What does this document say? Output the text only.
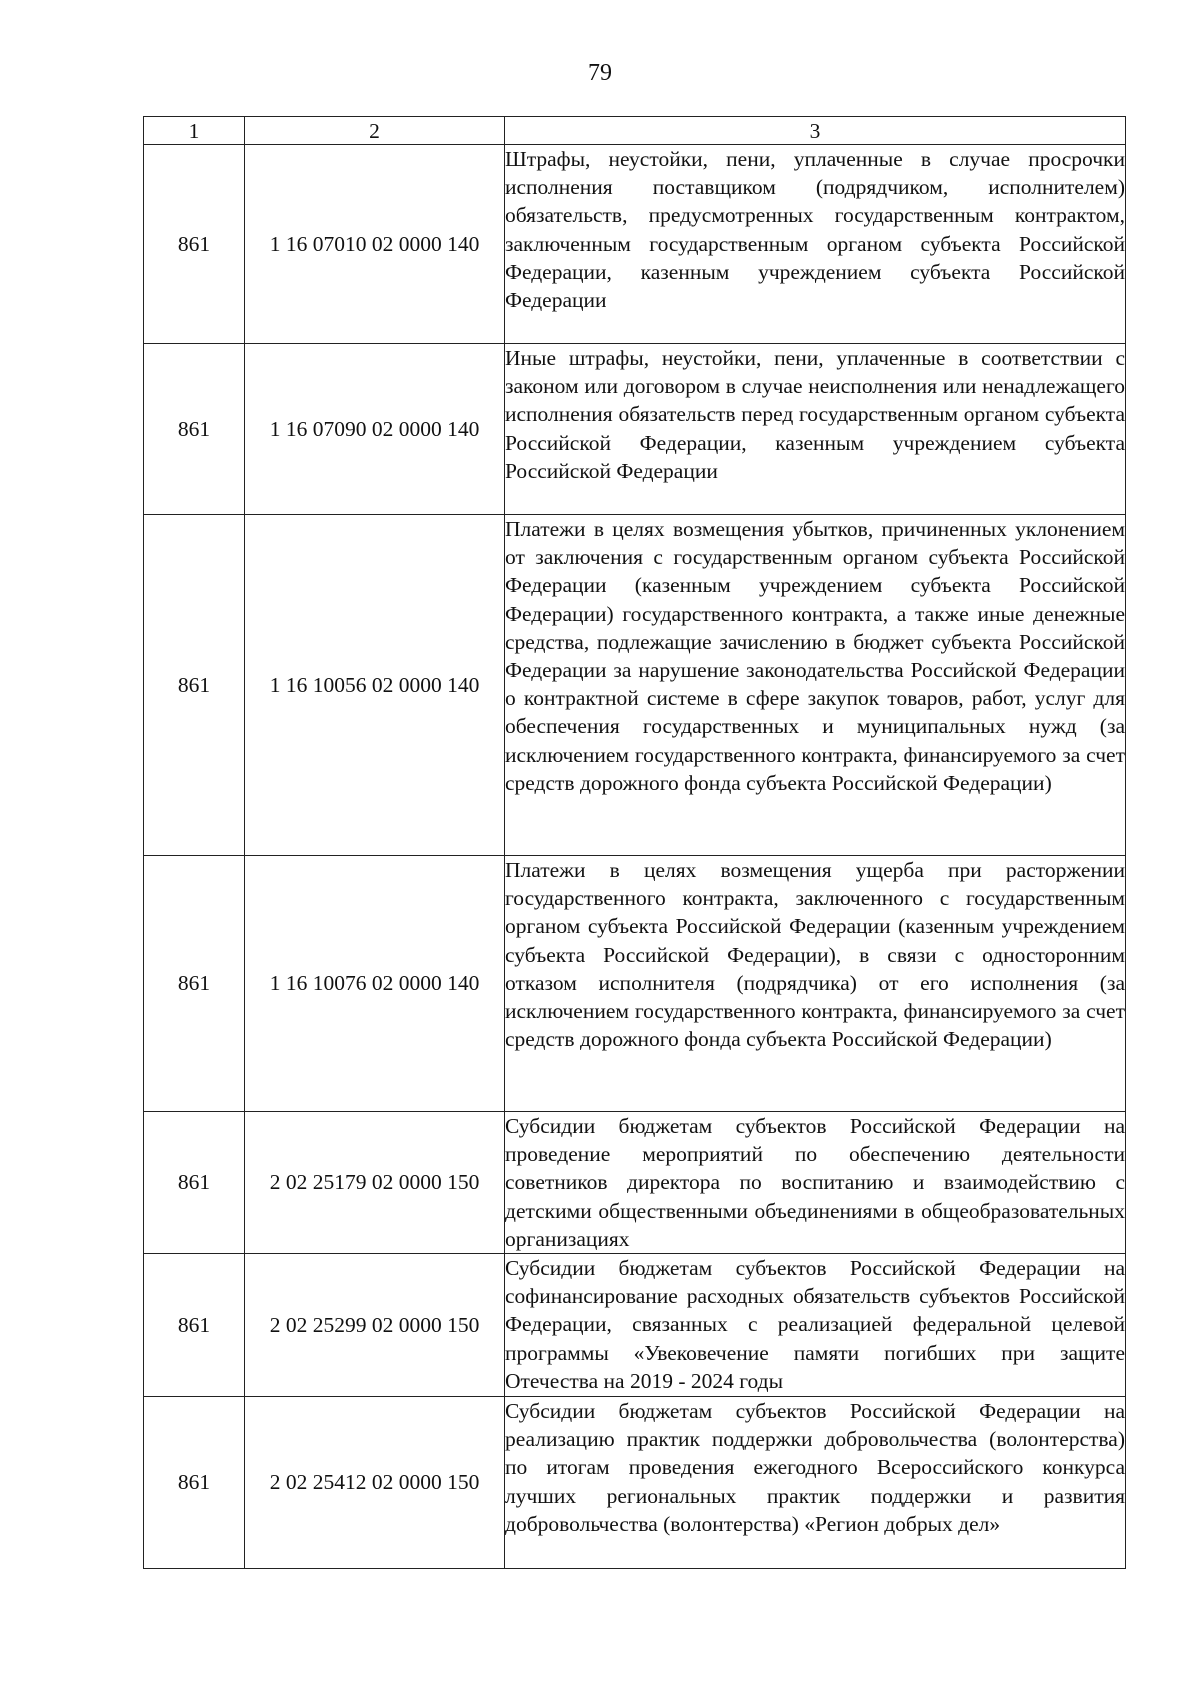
79
1	2	3
861	1 16 07010 02 0000 140	Штрафы, неустойки, пени, уплаченные в случае просрочки исполнения поставщиком (подрядчиком, исполнителем) обязательств, предусмотренных государственным контрактом, заключенным государственным органом субъекта Российской Федерации, казенным учреждением субъекта Российской Федерации
861	1 16 07090 02 0000 140	Иные штрафы, неустойки, пени, уплаченные в соответствии с законом или договором в случае неисполнения или ненадлежащего исполнения обязательств перед государственным органом субъекта Российской Федерации, казенным учреждением субъекта Российской Федерации
861	1 16 10056 02 0000 140	Платежи в целях возмещения убытков, причиненных уклонением от заключения с государственным органом субъекта Российской Федерации (казенным учреждением субъекта Российской Федерации) государственного контракта, а также иные денежные средства, подлежащие зачислению в бюджет субъекта Российской Федерации за нарушение законодательства Российской Федерации о контрактной системе в сфере закупок товаров, работ, услуг для обеспечения государственных и муниципальных нужд (за исключением государственного контракта, финансируемого за счет средств дорожного фонда субъекта Российской Федерации)
861	1 16 10076 02 0000 140	Платежи в целях возмещения ущерба при расторжении государственного контракта, заключенного с государственным органом субъекта Российской Федерации (казенным учреждением субъекта Российской Федерации), в связи с односторонним отказом исполнителя (подрядчика) от его исполнения (за исключением государственного контракта, финансируемого за счет средств дорожного фонда субъекта Российской Федерации)
861	2 02 25179 02 0000 150	Субсидии бюджетам субъектов Российской Федерации на проведение мероприятий по обеспечению деятельности советников директора по воспитанию и взаимодействию с детскими общественными объединениями в общеобразовательных организациях
861	2 02 25299 02 0000 150	Субсидии бюджетам субъектов Российской Федерации на софинансирование расходных обязательств субъектов Российской Федерации, связанных с реализацией федеральной целевой программы «Увековечение памяти погибших при защите Отечества на 2019 - 2024 годы
861	2 02 25412 02 0000 150	Субсидии бюджетам субъектов Российской Федерации на реализацию практик поддержки добровольчества (волонтерства) по итогам проведения ежегодного Всероссийского конкурса лучших региональных практик поддержки и развития добровольчества (волонтерства) «Регион добрых дел»
